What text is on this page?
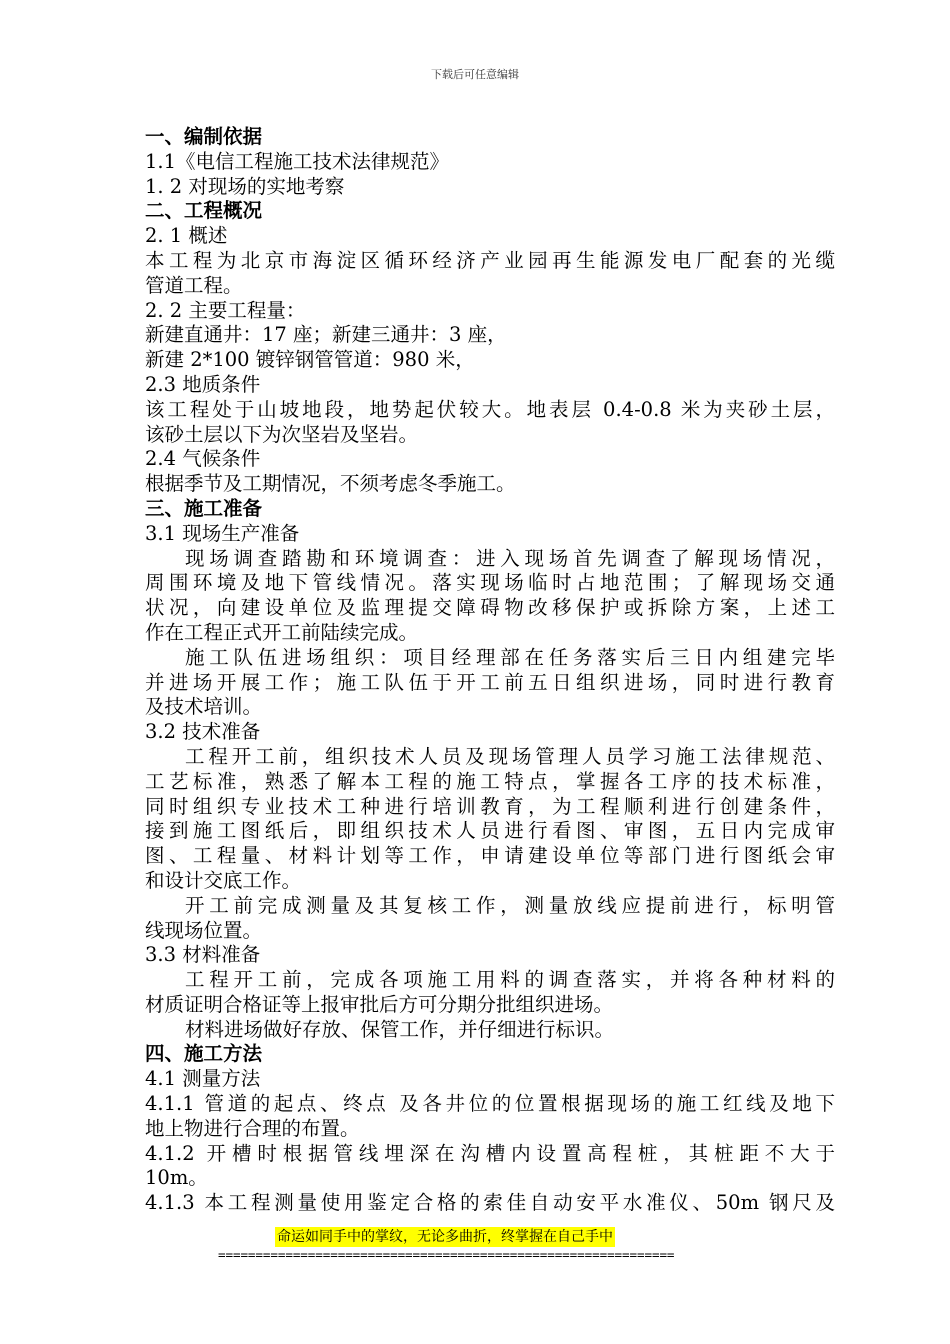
下载后可任意编辑
一、编制依据
1.1《电信工程施工技术法律规范》
1. 2 对现场的实地考察
二、工程概况
2. 1 概述
本工程为北京市海淀区循环经济产业园再生能源发电厂配套的光缆
管道工程。
2. 2 主要工程量：
新建直通井：17 座；新建三通井：3 座，
新建 2*100 镀锌钢管管道：980 米，
2.3 地质条件
该工程处于山坡地段，地势起伏较大。地表层 0.4-0.8 米为夹砂土层，
该砂土层以下为次坚岩及坚岩。
2.4 气候条件
根据季节及工期情况，不须考虑冬季施工。
三、施工准备
3.1 现场生产准备
现场调查踏勘和环境调查：进入现场首先调查了解现场情况，
周围环境及地下管线情况。落实现场临时占地范围；了解现场交通
状况，向建设单位及监理提交障碍物改移保护或拆除方案，上述工
作在工程正式开工前陆续完成。
施工队伍进场组织：项目经理部在任务落实后三日内组建完毕
并进场开展工作；施工队伍于开工前五日组织进场，同时进行教育
及技术培训。
3.2 技术准备
工程开工前，组织技术人员及现场管理人员学习施工法律规范、
工艺标准，熟悉了解本工程的施工特点，掌握各工序的技术标准，
同时组织专业技术工种进行培训教育，为工程顺利进行创建条件，
接到施工图纸后，即组织技术人员进行看图、审图，五日内完成审
图、工程量、材料计划等工作，申请建设单位等部门进行图纸会审
和设计交底工作。
开工前完成测量及其复核工作，测量放线应提前进行，标明管
线现场位置。
3.3 材料准备
工程开工前，完成各项施工用料的调查落实，并将各种材料的
材质证明合格证等上报审批后方可分期分批组织进场。
材料进场做好存放、保管工作，并仔细进行标识。
四、施工方法
4.1 测量方法
4.1.1 管道的起点、终点 及各井位的位置根据现场的施工红线及地下
地上物进行合理的布置。
4.1.2 开槽时根据管线埋深在沟槽内设置高程桩，其桩距不大于
10m。
4.1.3 本工程测量使用鉴定合格的索佳自动安平水准仪、50m 钢尺及
命运如同手中的掌纹，无论多曲折，终掌握在自己手中
=============================================================
